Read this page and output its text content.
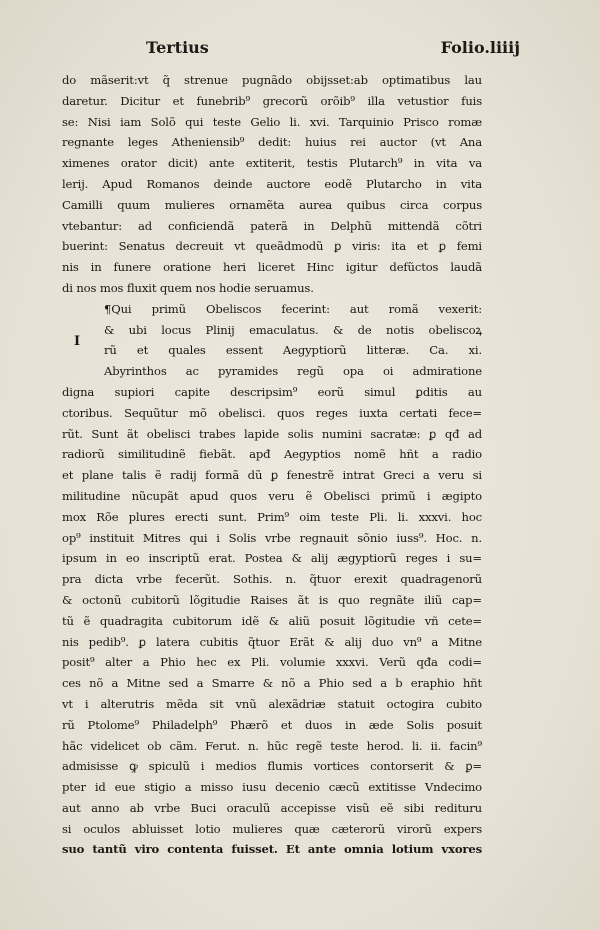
Tertius	Folio.liiij
do mãserit:vt q̃ strenue pugnãdo obijsset:ab optimatibus lau
daretur. Dicitur et funebrib⁹ grecorũ orõib⁹ illa vetustior fuis
se: Nisi iam Solõ qui teste Gelio li. xvi. Tarquinio Prisco romæ
regnante leges Atheniensib⁹ dedit: huius rei auctor (vt Ana
ximenes orator dicit) ante extiterit, testis Plutarch⁹ in vita va
lerij. Apud Romanos deinde auctore eodẽ Plutarcho in vita
Camilli quum mulieres ornamẽta aurea quibus circa corpus
vtebantur: ad conficiendã paterã in Delphũ mittendã cõtri
buerint: Senatus decreuit vt queãdmodũ ꝑ viris: ita et ꝑ femi
nis in funere oratione heri liceret Hinc igitur defũctos laudã
di nos mos fluxit quem nos hodie seruamus.
¶Qui primũ Obeliscos fecerint: aut romã vexerit:
& ubi locus Plinij emaculatus. & de notis obeliscoꝝ
rũ et quales essent Aegyptiorũ litteræ. Ca. xi.
Abyrinthos ac pyramides regũ opa oi admiratione
digna supiori capite descripsim⁹ eorũ simul ꝑditis au
ctoribus. Sequũtur mõ obelisci. quos reges iuxta certati fece=
rũt. Sunt ãt obelisci trabes lapide solis numini sacratæ: ꝑ qđ ad
radiorũ similitudinẽ fiebãt. apđ Aegyptios nomẽ hñt a radio
et plane talis ẽ radij formã dũ ꝑ fenestrẽ intrat Greci a veru si
militudine nũcupãt apud quos veru ẽ Obelisci primũ i ægipto
mox Rõe plures erecti sunt. Prim⁹ oim teste Pli. li. xxxvi. hoc
op⁹ instituit Mitres qui i Solis vrbe regnauit sõnio iuss⁹. Hoc. n.
ipsum in eo inscriptũ erat. Postea & alij ægyptiorũ reges i su=
pra dicta vrbe fecerũt. Sothis. n. q̃tuor erexit quadragenorũ
& octonũ cubitorũ lõgitudie Raises ãt is quo regnãte iliũ cap=
tũ ẽ quadragita cubitorum idẽ & aliũ posuit lõgitudie vñ cete=
nis pedib⁹. ꝑ latera cubitis q̃tuor Erãt & alij duo vn⁹ a Mitne
posit⁹ alter a Phio hec ex Pli. volumie xxxvi. Verũ qđa codi=
ces nõ a Mitne sed a Smarre & nõ a Phio sed a b eraphio hñt
vt i alterutris mẽda sit vnũ alexãdriæ statuit octogira cubito
rũ Ptolome⁹ Philadelph⁹ Phærõ et duos in æde Solis posuit
hãc videlicet ob cãm. Ferut. n. hũc regẽ teste herod. li. ii. facin⁹
admisisse ꝙ spiculũ i medios flumis vortices contorserit & ꝑ=
pter id eue stigio a misso iusu decenio cæcũ extitisse Vndecimo
aut anno ab vrbe Buci oraculũ accepisse visũ eẽ sibi redituru
si oculos abluisset lotio mulieres quæ cæterorũ virorũ expers
suo tantũ viro contenta fuisset. Et ante omnia lotium vxores
I
